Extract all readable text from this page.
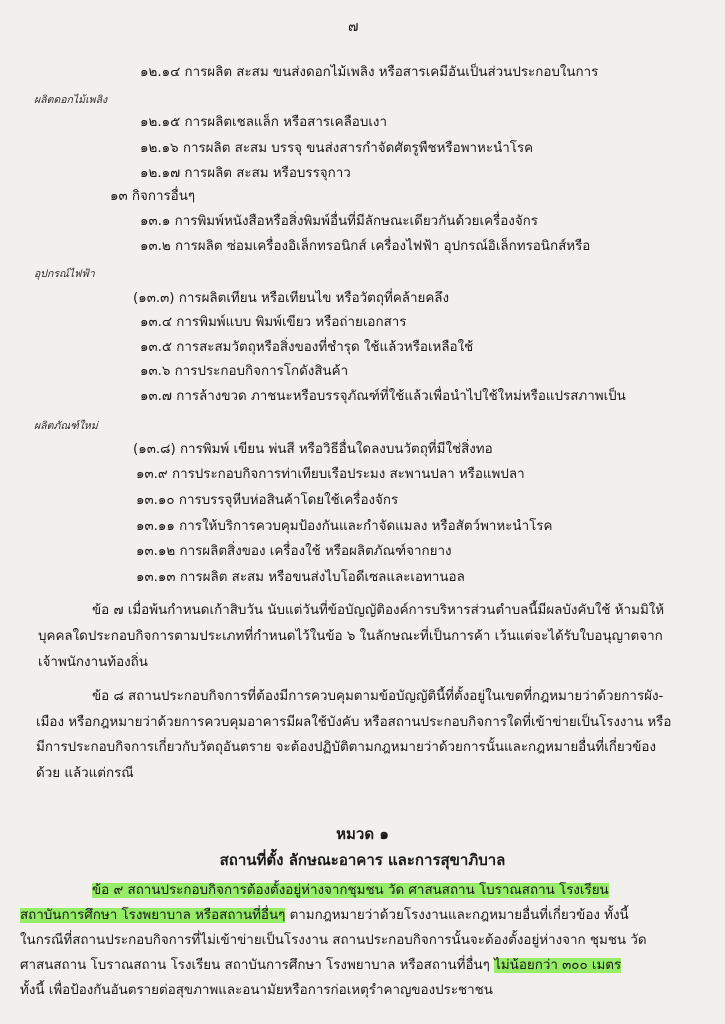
๗
๑๒.๑๔ การผลิต สะสม ขนส่งดอกไม้เพลิง หรือสารเคมีอันเป็นส่วนประกอบในการ
ผลิตดอกไม้เพลิง
๑๒.๑๕ การผลิตเชลแล็ก หรือสารเคลือบเงา
๑๒.๑๖ การผลิต สะสม บรรจุ ขนส่งสารกำจัดศัตรูพืชหรือพาหะนำโรค
๑๒.๑๗ การผลิต สะสม หรือบรรจุกาว
๑๓ กิจการอื่นๆ
๑๓.๑ การพิมพ์หนังสือหรือสิ่งพิมพ์อื่นที่มีลักษณะเดียวกันด้วยเครื่องจักร
๑๓.๒ การผลิต ซ่อมเครื่องอิเล็กทรอนิกส์ เครื่องไฟฟ้า อุปกรณ์อิเล็กทรอนิกส์หรือ
อุปกรณ์ไฟฟ้า
(๑๓.๓) การผลิตเทียน หรือเทียนไข หรือวัตถุที่คล้ายคลึง
๑๓.๔ การพิมพ์แบบ พิมพ์เขียว หรือถ่ายเอกสาร
๑๓.๕ การสะสมวัตถุหรือสิ่งของที่ชำรุด ใช้แล้วหรือเหลือใช้
๑๓.๖ การประกอบกิจการโกดังสินค้า
๑๓.๗ การล้างขวด ภาชนะหรือบรรจุภัณฑ์ที่ใช้แล้วเพื่อนำไปใช้ใหม่หรือแปรสภาพเป็น
ผลิตภัณฑ์ใหม่
(๑๓.๘) การพิมพ์ เขียน พ่นสี หรือวิธีอื่นใดลงบนวัตถุที่มีใช่สิ่งทอ
๑๓.๙ การประกอบกิจการท่าเทียบเรือประมง สะพานปลา หรือแพปลา
๑๓.๑๐ การบรรจุหีบห่อสินค้าโดยใช้เครื่องจักร
๑๓.๑๑ การให้บริการควบคุมป้องกันและกำจัดแมลง หรือสัตว์พาหะนำโรค
๑๓.๑๒ การผลิตสิ่งของ เครื่องใช้ หรือผลิตภัณฑ์จากยาง
๑๓.๑๓ การผลิต สะสม หรือขนส่งไบโอดีเซลและเอทานอล
ข้อ ๗ เมื่อพ้นกำหนดเก้าสิบวัน นับแต่วันที่ข้อบัญญัติองค์การบริหารส่วนตำบลนี้มีผลบังคับใช้ ห้ามมิให้
บุคคลใดประกอบกิจการตามประเภทที่กำหนดไว้ในข้อ ๖ ในลักษณะที่เป็นการค้า เว้นแต่จะได้รับใบอนุญาตจาก
เจ้าพนักงานท้องถิ่น
ข้อ ๘ สถานประกอบกิจการที่ต้องมีการควบคุมตามข้อบัญญัตินี้ที่ตั้งอยู่ในเขตที่กฎหมายว่าด้วยการผัง-
เมือง หรือกฎหมายว่าด้วยการควบคุมอาคารมีผลใช้บังคับ หรือสถานประกอบกิจการใดที่เข้าข่ายเป็นโรงงาน หรือ
มีการประกอบกิจการเกี่ยวกับวัตถุอันตราย จะต้องปฏิบัติตามกฎหมายว่าด้วยการนั้นและกฎหมายอื่นที่เกี่ยวข้อง
ด้วย แล้วแต่กรณี
หมวด ๑
สถานที่ตั้ง ลักษณะอาคาร และการสุขาภิบาล
ข้อ ๙ สถานประกอบกิจการต้องตั้งอยู่ห่างจากชุมชน วัด ศาสนสถาน โบราณสถาน โรงเรียน
สถาบันการศึกษา โรงพยาบาล หรือสถานที่อื่นๆ ตามกฎหมายว่าด้วยโรงงานและกฎหมายอื่นที่เกี่ยวข้อง ทั้งนี้
ในกรณีที่สถานประกอบกิจการที่ไม่เข้าข่ายเป็นโรงงาน สถานประกอบกิจการนั้นจะต้องตั้งอยู่ห่างจาก ชุมชน วัด
ศาสนสถาน โบราณสถาน โรงเรียน สถาบันการศึกษา โรงพยาบาล หรือสถานที่อื่นๆ ไม่น้อยกว่า ๓๐๐ เมตร
ทั้งนี้ เพื่อป้องกันอันตรายต่อสุขภาพและอนามัยหรือการก่อเหตุรำคาญของประชาชน
